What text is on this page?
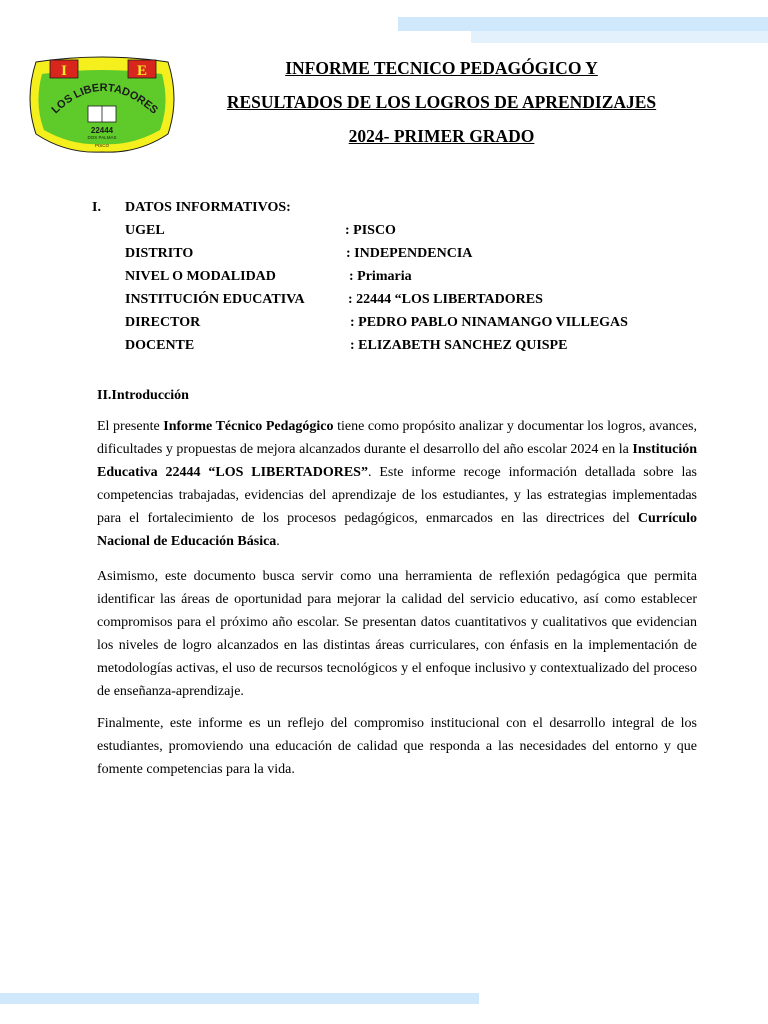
I	E
LOS LIBERTADORES
22444
DOS PALMAS
PISCO
INFORME TECNICO PEDAGÓGICO Y
RESULTADOS DE LOS LOGROS DE APRENDIZAJES
2024- PRIMER GRADO
I. DATOS INFORMATIVOS:
UGEL	: PISCO
DISTRITO	: INDEPENDENCIA
NIVEL O MODALIDAD	: Primaria
INSTITUCIÓN EDUCATIVA	: 22444 “LOS LIBERTADORES
DIRECTOR	: PEDRO PABLO NINAMANGO VILLEGAS
DOCENTE	: ELIZABETH SANCHEZ QUISPE
II.Introducción

El presente Informe Técnico Pedagógico tiene como propósito analizar y documentar los logros, avances, dificultades y propuestas de mejora alcanzados durante el desarrollo del año escolar 2024 en la Institución Educativa 22444 “LOS LIBERTADORES”. Este informe recoge información detallada sobre las competencias trabajadas, evidencias del aprendizaje de los estudiantes, y las estrategias implementadas para el fortalecimiento de los procesos pedagógicos, enmarcados en las directrices del Currículo Nacional de Educación Básica.

Asimismo, este documento busca servir como una herramienta de reflexión pedagógica que permita identificar las áreas de oportunidad para mejorar la calidad del servicio educativo, así como establecer compromisos para el próximo año escolar. Se presentan datos cuantitativos y cualitativos que evidencian los niveles de logro alcanzados en las distintas áreas curriculares, con énfasis en la implementación de metodologías activas, el uso de recursos tecnológicos y el enfoque inclusivo y contextualizado del proceso de enseñanza-aprendizaje.

Finalmente, este informe es un reflejo del compromiso institucional con el desarrollo integral de los estudiantes, promoviendo una educación de calidad que responda a las necesidades del entorno y que fomente competencias para la vida.
